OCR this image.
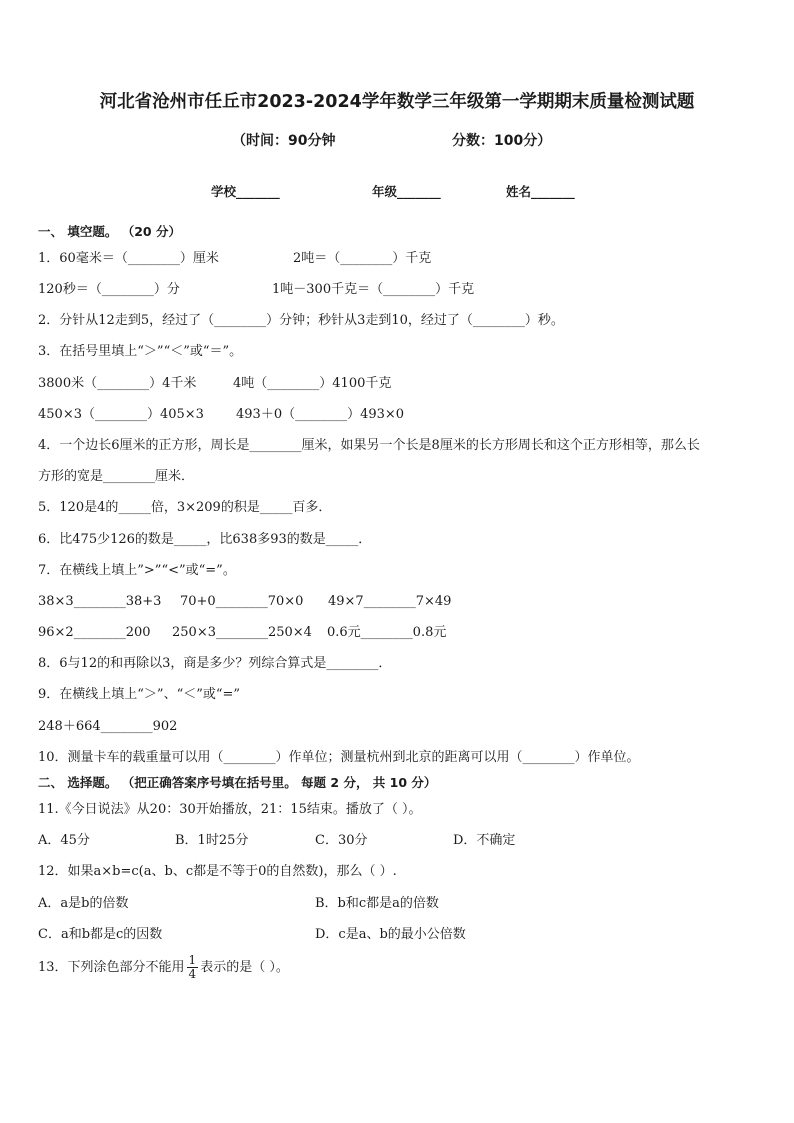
河北省沧州市任丘市2023-2024学年数学三年级第一学期期末质量检测试题
（时间：90分钟	分数：100分）
学校_______	年级_______	姓名_______
一、 填空题。 （20 分）
1．60毫米＝（________）厘米	2吨＝（________）千克
120秒＝（________）分	1吨－300千克＝（________）千克
2．分针从12走到5，经过了（________）分钟；秒针从3走到10，经过了（________）秒。
3．在括号里填上“＞”“＜”或“＝”。
3800米（________）4千米	4吨（________）4100千克
450×3（________）405×3 493＋0（________）493×0
4．一个边长6厘米的正方形，周长是________厘米，如果另一个长是8厘米的长方形周长和这个正方形相等，那么长
方形的宽是________厘米．
5．120是4的_____倍，3×209的积是_____百多．
6．比475少126的数是_____，比638多93的数是_____．
7．在横线上填上”>”“<”或“=”。
38×3________38+3 70+0________70×0 49×7________7×49
96×2________200 250×3________250×4 0.6元________0.8元
8．6与12的和再除以3，商是多少？列综合算式是________．
9．在横线上填上“＞”、“＜”或“=”
248＋664________902
10．测量卡车的载重量可以用（________）作单位；测量杭州到北京的距离可以用（________）作单位。
二、 选择题。 （把正确答案序号填在括号里。 每题 2 分， 共 10 分）
11.《今日说法》从20：30开始播放，21：15结束。播放了（ ）。
A．45分	B．1时25分	C．30分	D．不确定
12．如果a×b=c(a、b、c都是不等于0的自然数)，那么（ ）.
A．a是b的倍数	B．b和c都是a的倍数
C．a和b都是c的因数	D．c是a、b的最小公倍数
13．下列涂色部分不能用 $\frac{1}{4}$ 表示的是（ ）。
